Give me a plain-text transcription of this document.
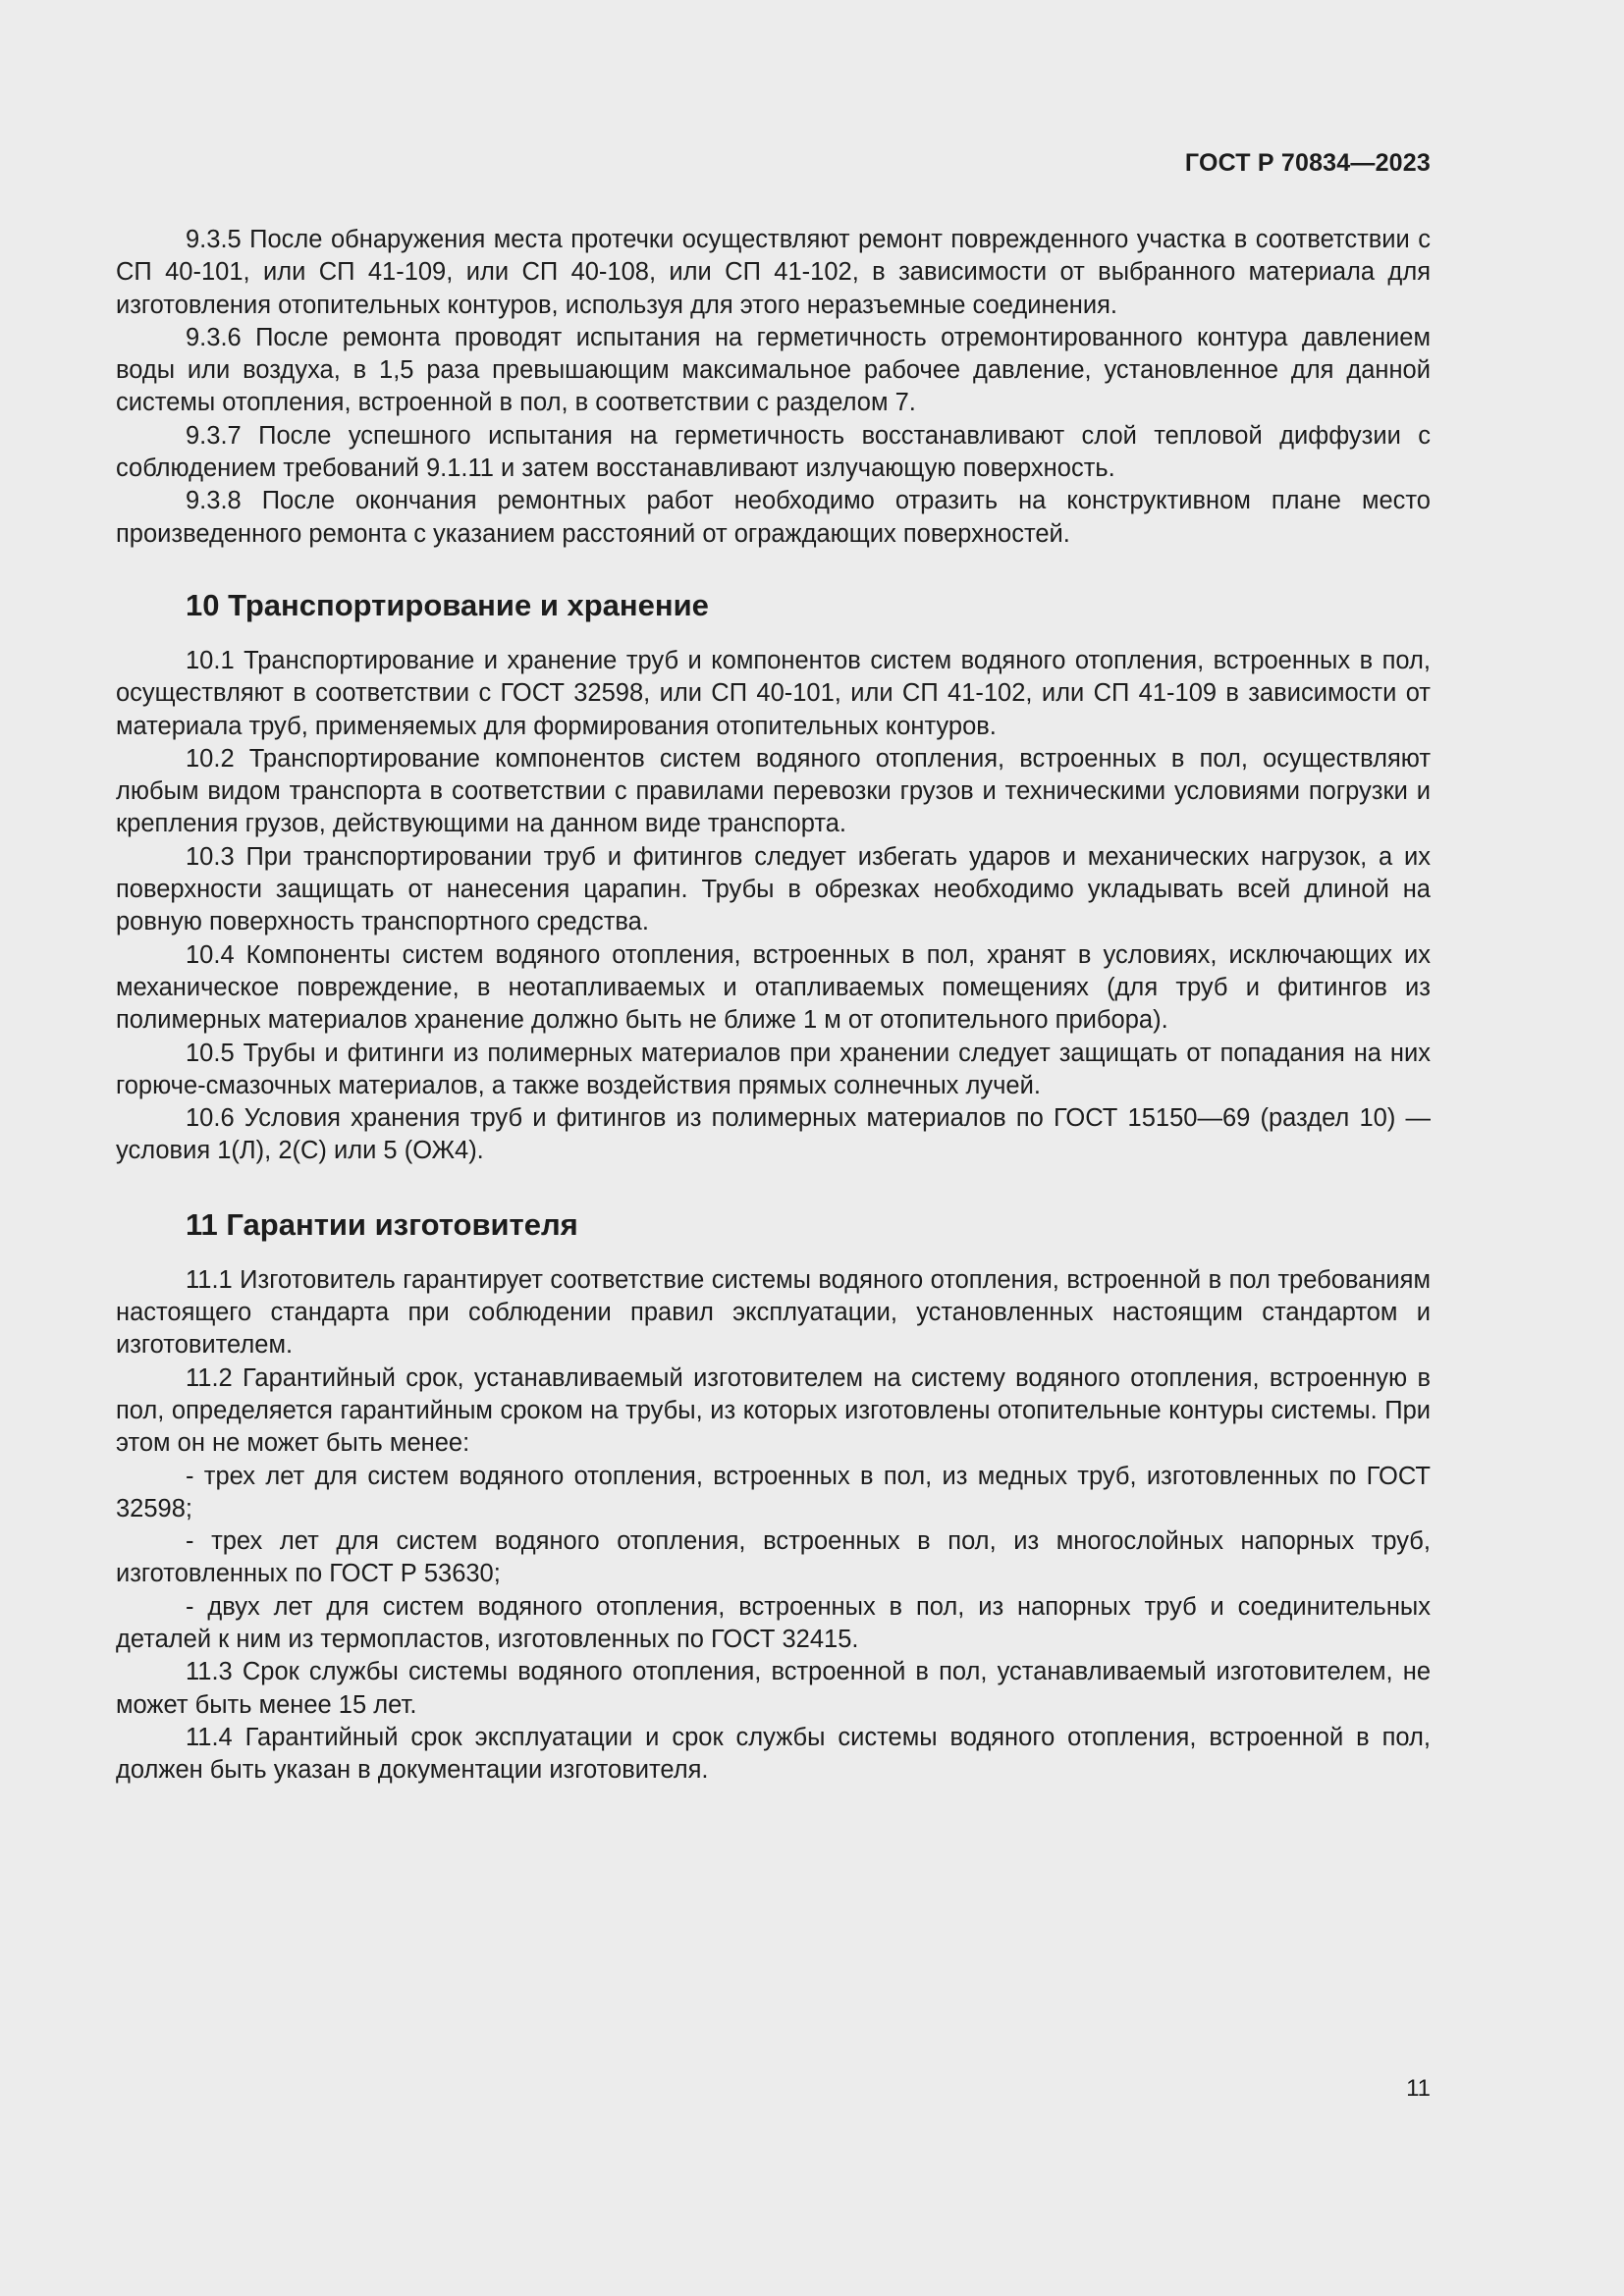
ГОСТ Р 70834—2023

9.3.5 После обнаружения места протечки осуществляют ремонт поврежденного участка в соответствии с СП 40-101, или СП 41-109, или СП 40-108, или СП 41-102, в зависимости от выбранного материала для изготовления отопительных контуров, используя для этого неразъемные соединения.

9.3.6 После ремонта проводят испытания на герметичность отремонтированного контура давлением воды или воздуха, в 1,5 раза превышающим максимальное рабочее давление, установленное для данной системы отопления, встроенной в пол, в соответствии с разделом 7.

9.3.7 После успешного испытания на герметичность восстанавливают слой тепловой диффузии с соблюдением требований 9.1.11 и затем восстанавливают излучающую поверхность.

9.3.8 После окончания ремонтных работ необходимо отразить на конструктивном плане место произведенного ремонта с указанием расстояний от ограждающих поверхностей.

10 Транспортирование и хранение

10.1 Транспортирование и хранение труб и компонентов систем водяного отопления, встроенных в пол, осуществляют в соответствии с ГОСТ 32598, или СП 40-101, или СП 41-102, или СП 41-109 в зависимости от материала труб, применяемых для формирования отопительных контуров.

10.2 Транспортирование компонентов систем водяного отопления, встроенных в пол, осуществляют любым видом транспорта в соответствии с правилами перевозки грузов и техническими условиями погрузки и крепления грузов, действующими на данном виде транспорта.

10.3 При транспортировании труб и фитингов следует избегать ударов и механических нагрузок, а их поверхности защищать от нанесения царапин. Трубы в обрезках необходимо укладывать всей длиной на ровную поверхность транспортного средства.

10.4 Компоненты систем водяного отопления, встроенных в пол, хранят в условиях, исключающих их механическое повреждение, в неотапливаемых и отапливаемых помещениях (для труб и фитингов из полимерных материалов хранение должно быть не ближе 1 м от отопительного прибора).

10.5 Трубы и фитинги из полимерных материалов при хранении следует защищать от попадания на них горюче-смазочных материалов, а также воздействия прямых солнечных лучей.

10.6 Условия хранения труб и фитингов из полимерных материалов по ГОСТ 15150—69 (раздел 10) — условия 1(Л), 2(С) или 5 (ОЖ4).

11 Гарантии изготовителя

11.1 Изготовитель гарантирует соответствие системы водяного отопления, встроенной в пол требованиям настоящего стандарта при соблюдении правил эксплуатации, установленных настоящим стандартом и изготовителем.

11.2 Гарантийный срок, устанавливаемый изготовителем на систему водяного отопления, встроенную в пол, определяется гарантийным сроком на трубы, из которых изготовлены отопительные контуры системы. При этом он не может быть менее:

- трех лет для систем водяного отопления, встроенных в пол, из медных труб, изготовленных по ГОСТ 32598;

- трех лет для систем водяного отопления, встроенных в пол, из многослойных напорных труб, изготовленных по ГОСТ Р 53630;

- двух лет для систем водяного отопления, встроенных в пол, из напорных труб и соединительных деталей к ним из термопластов, изготовленных по ГОСТ 32415.

11.3 Срок службы системы водяного отопления, встроенной в пол, устанавливаемый изготовителем, не может быть менее 15 лет.

11.4 Гарантийный срок эксплуатации и срок службы системы водяного отопления, встроенной в пол, должен быть указан в документации изготовителя.

11
